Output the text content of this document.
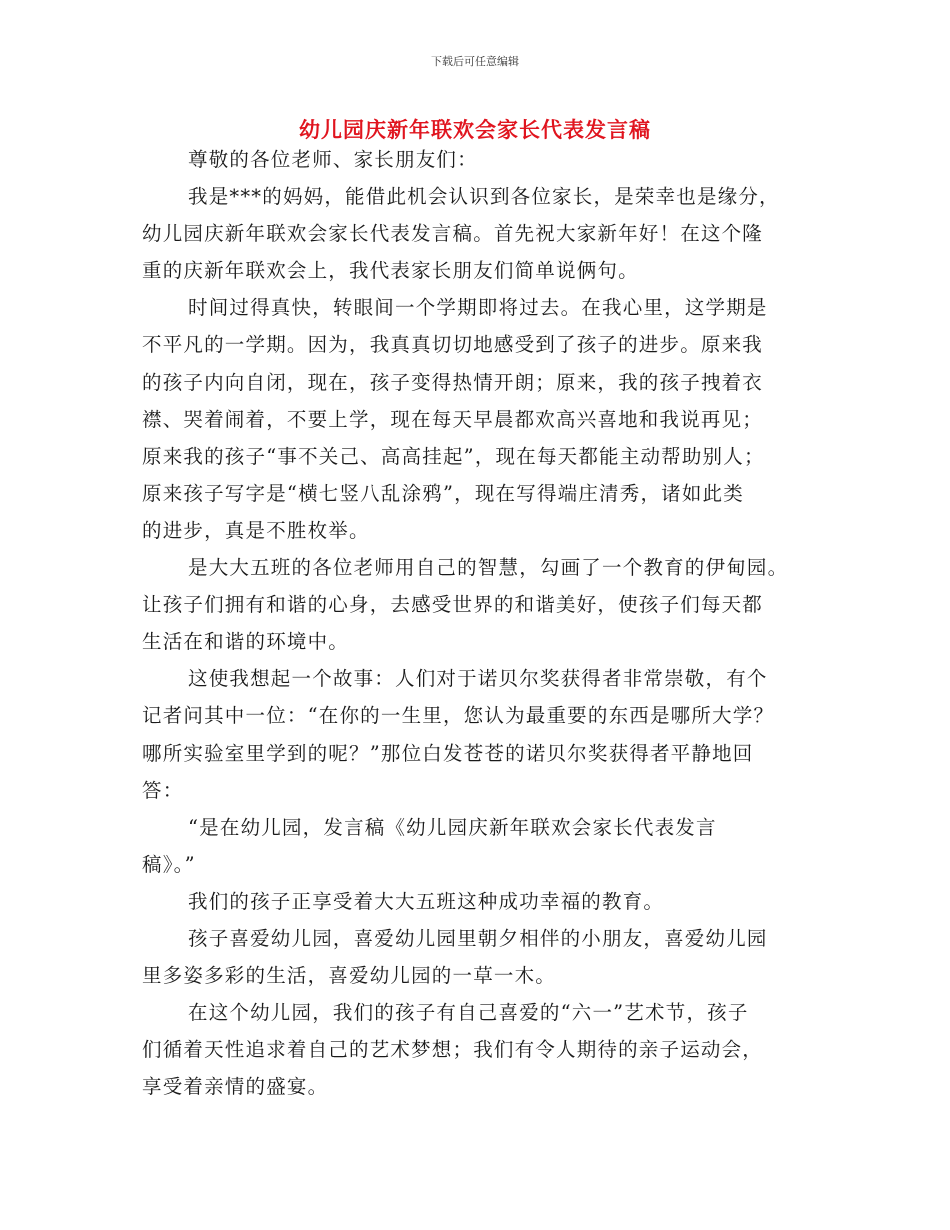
下载后可任意编辑
幼儿园庆新年联欢会家长代表发言稿
尊敬的各位老师、家长朋友们：
我是***的妈妈，能借此机会认识到各位家长，是荣幸也是缘分，
幼儿园庆新年联欢会家长代表发言稿。首先祝大家新年好！在这个隆
重的庆新年联欢会上，我代表家长朋友们简单说俩句。
时间过得真快，转眼间一个学期即将过去。在我心里，这学期是
不平凡的一学期。因为，我真真切切地感受到了孩子的进步。原来我
的孩子内向自闭，现在，孩子变得热情开朗；原来，我的孩子拽着衣
襟、哭着闹着，不要上学，现在每天早晨都欢高兴喜地和我说再见；
原来我的孩子“事不关己、高高挂起”，现在每天都能主动帮助别人；
原来孩子写字是“横七竖八乱涂鸦”，现在写得端庄清秀，诸如此类
的进步，真是不胜枚举。
是大大五班的各位老师用自己的智慧，勾画了一个教育的伊甸园。
让孩子们拥有和谐的心身，去感受世界的和谐美好，使孩子们每天都
生活在和谐的环境中。
这使我想起一个故事：人们对于诺贝尔奖获得者非常崇敬，有个
记者问其中一位：“在你的一生里，您认为最重要的东西是哪所大学？
哪所实验室里学到的呢？”那位白发苍苍的诺贝尔奖获得者平静地回
答：
“是在幼儿园，发言稿《幼儿园庆新年联欢会家长代表发言
稿》。”
我们的孩子正享受着大大五班这种成功幸福的教育。
孩子喜爱幼儿园，喜爱幼儿园里朝夕相伴的小朋友，喜爱幼儿园
里多姿多彩的生活，喜爱幼儿园的一草一木。
在这个幼儿园，我们的孩子有自己喜爱的“六一”艺术节，孩子
们循着天性追求着自己的艺术梦想；我们有令人期待的亲子运动会，
享受着亲情的盛宴。
